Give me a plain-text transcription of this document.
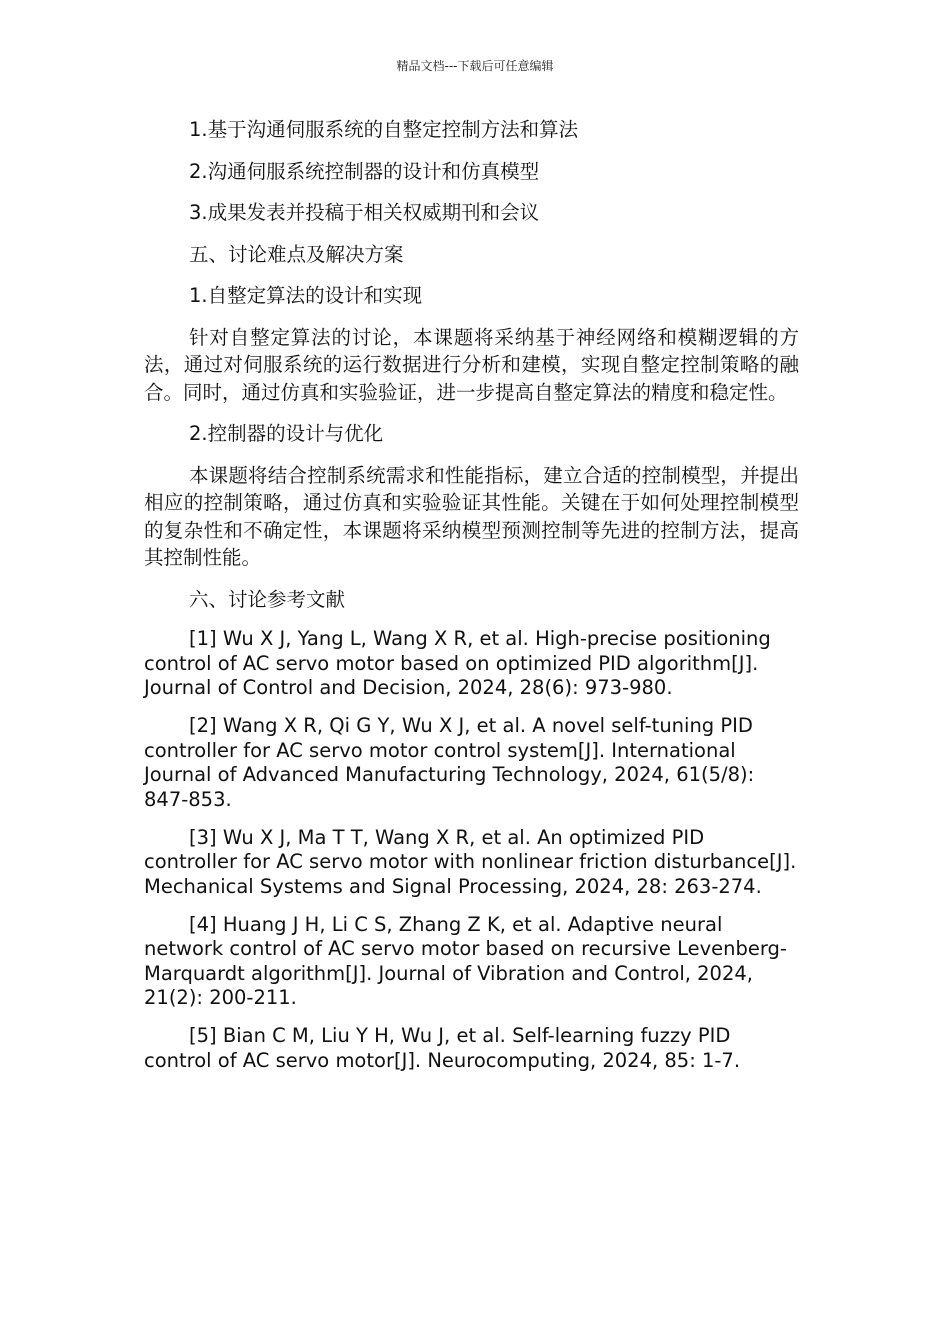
精品文档---下载后可任意编辑

1.基于沟通伺服系统的自整定控制方法和算法

2.沟通伺服系统控制器的设计和仿真模型

3.成果发表并投稿于相关权威期刊和会议

五、讨论难点及解决方案

1.自整定算法的设计和实现

针对自整定算法的讨论，本课题将采纳基于神经网络和模糊逻辑的方法，通过对伺服系统的运行数据进行分析和建模，实现自整定控制策略的融合。同时，通过仿真和实验验证，进一步提高自整定算法的精度和稳定性。

2.控制器的设计与优化

本课题将结合控制系统需求和性能指标，建立合适的控制模型，并提出相应的控制策略，通过仿真和实验验证其性能。关键在于如何处理控制模型的复杂性和不确定性，本课题将采纳模型预测控制等先进的控制方法，提高其控制性能。

六、讨论参考文献

[1] Wu X J, Yang L, Wang X R, et al. High-precise positioning control of AC servo motor based on optimized PID algorithm[J]. Journal of Control and Decision, 2024, 28(6): 973-980.

[2] Wang X R, Qi G Y, Wu X J, et al. A novel self-tuning PID controller for AC servo motor control system[J]. International Journal of Advanced Manufacturing Technology, 2024, 61(5/8): 847-853.

[3] Wu X J, Ma T T, Wang X R, et al. An optimized PID controller for AC servo motor with nonlinear friction disturbance[J]. Mechanical Systems and Signal Processing, 2024, 28: 263-274.

[4] Huang J H, Li C S, Zhang Z K, et al. Adaptive neural network control of AC servo motor based on recursive Levenberg-Marquardt algorithm[J]. Journal of Vibration and Control, 2024, 21(2): 200-211.

[5] Bian C M, Liu Y H, Wu J, et al. Self-learning fuzzy PID control of AC servo motor[J]. Neurocomputing, 2024, 85: 1-7.
